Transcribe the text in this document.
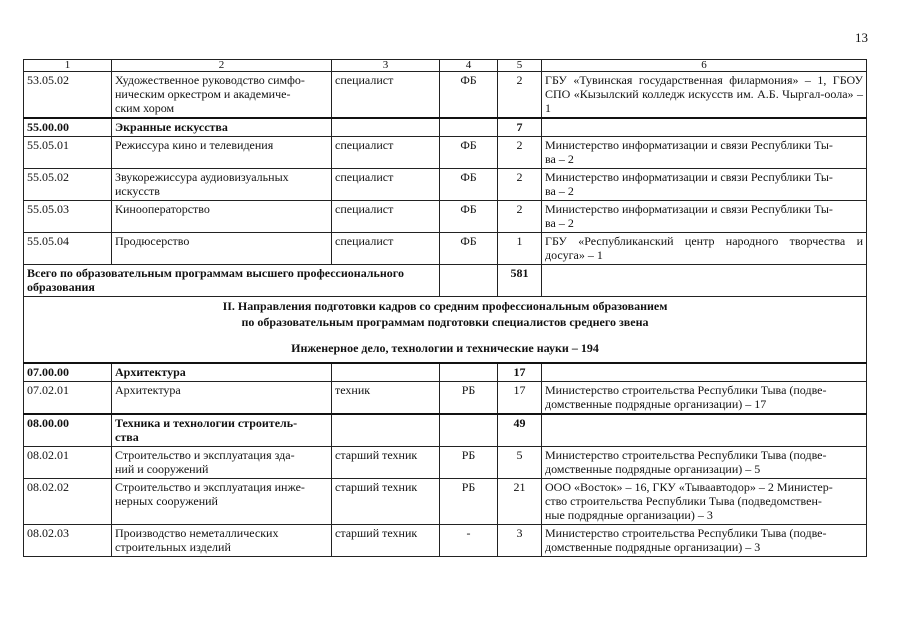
13
1	2	3	4	5	6
53.05.02	Художественное руководство симфо-
ническим оркестром и академиче-
ским хором	специалист	ФБ	2	ГБУ «Тувинская государственная филармония» – 1, ГБОУ СПО «Кызылский колледж искусств им. А.Б. Чыргал-оола» – 1
55.00.00	Экранные искусства			7	
55.05.01	Режиссура кино и телевидения	специалист	ФБ	2	Министерство информатизации и связи Республики Ты-
ва – 2
55.05.02	Звукорежиссура аудиовизуальных
искусств	специалист	ФБ	2	Министерство информатизации и связи Республики Ты-
ва – 2
55.05.03	Кинооператорство	специалист	ФБ	2	Министерство информатизации и связи Республики Ты-
ва – 2
55.05.04	Продюсерство	специалист	ФБ	1	ГБУ «Республиканский центр народного творчества и досуга» – 1
Всего по образовательным программам высшего профессионального образования				581	

II. Направления подготовки кадров со средним профессиональным образованием
по образовательным программам подготовки специалистов среднего звена
Инженерное дело, технологии и технические науки – 194					

07.00.00	Архитектура			17	
07.02.01	Архитектура	техник	РБ	17	Министерство строительства Республики Тыва (подве-
домственные подрядные организации) – 17
08.00.00	Техника и технологии строитель-
ства			49	
08.02.01	Строительство и эксплуатация зда-
ний и сооружений	старший техник	РБ	5	Министерство строительства Республики Тыва (подве-
домственные подрядные организации) – 5
08.02.02	Строительство и эксплуатация инже-
нерных сооружений	старший техник	РБ	21	ООО «Восток» – 16, ГКУ «Тываавтодор» – 2 Министер-
ство строительства Республики Тыва (подведомствен-
ные подрядные организации) – 3
08.02.03	Производство неметаллических
строительных изделий	старший техник	-	3	Министерство строительства Республики Тыва (подве-
домственные подрядные организации) – 3
